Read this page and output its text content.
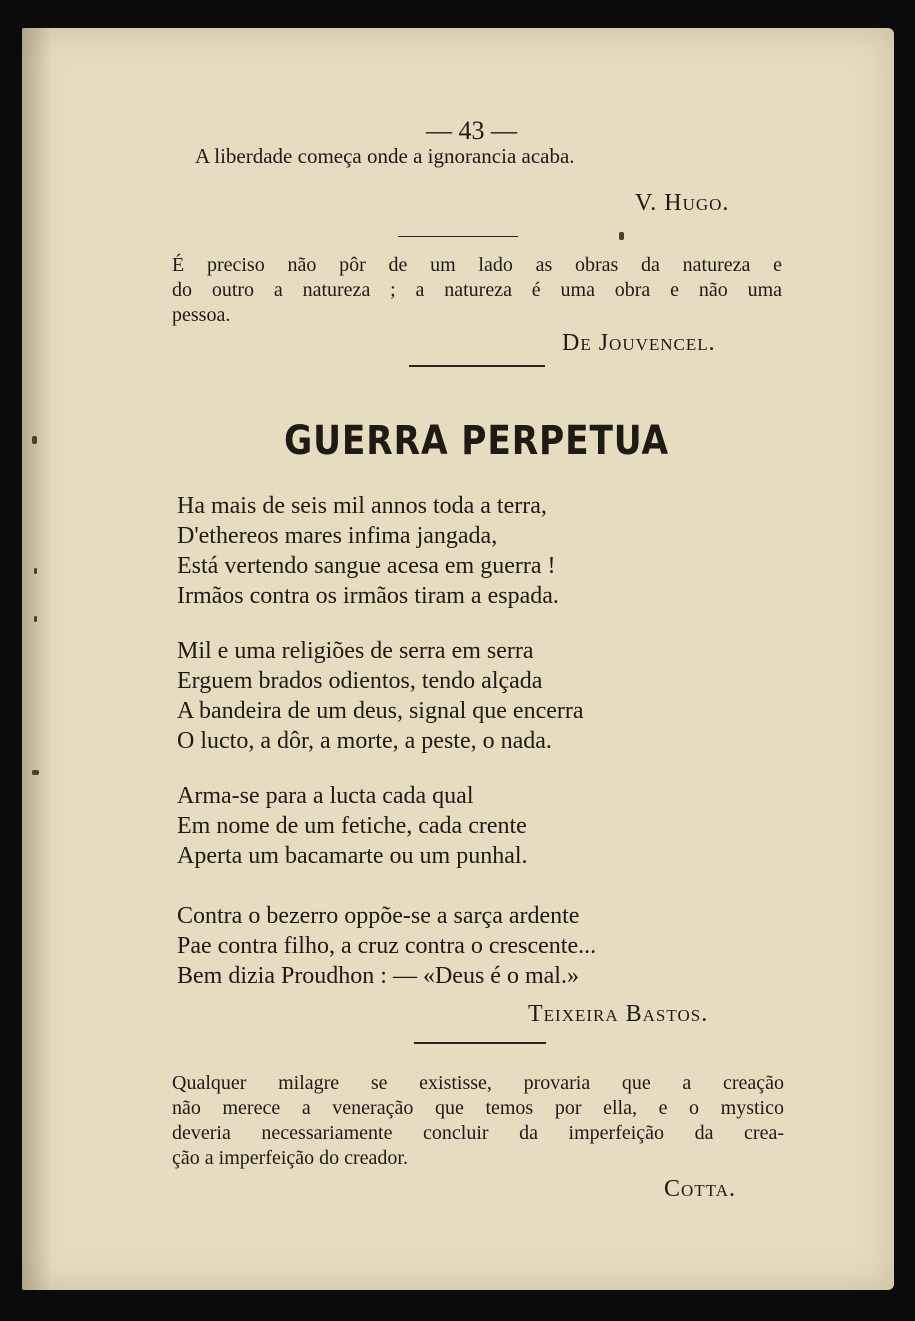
— 43 —
A liberdade começa onde a ignorancia acaba.
V. Hugo.
É preciso não pôr de um lado as obras da natureza e
do outro a natureza ; a natureza é uma obra e não uma
pessoa.
De Jouvencel.
GUERRA PERPETUA
Ha mais de seis mil annos toda a terra,
D'ethereos mares infima jangada,
Está vertendo sangue acesa em guerra !
Irmãos contra os irmãos tiram a espada.
Mil e uma religiões de serra em serra
Erguem brados odientos, tendo alçada
A bandeira de um deus, signal que encerra
O lucto, a dôr, a morte, a peste, o nada.
Arma-se para a lucta cada qual
Em nome de um fetiche, cada crente
Aperta um bacamarte ou um punhal.
Contra o bezerro oppõe-se a sarça ardente
Pae contra filho, a cruz contra o crescente...
Bem dizia Proudhon : — «Deus é o mal.»
Teixeira Bastos.
Qualquer milagre se existisse, provaria que a creação
não merece a veneração que temos por ella, e o mystico
deveria necessariamente concluir da imperfeição da crea-
ção a imperfeição do creador.
Cotta.
